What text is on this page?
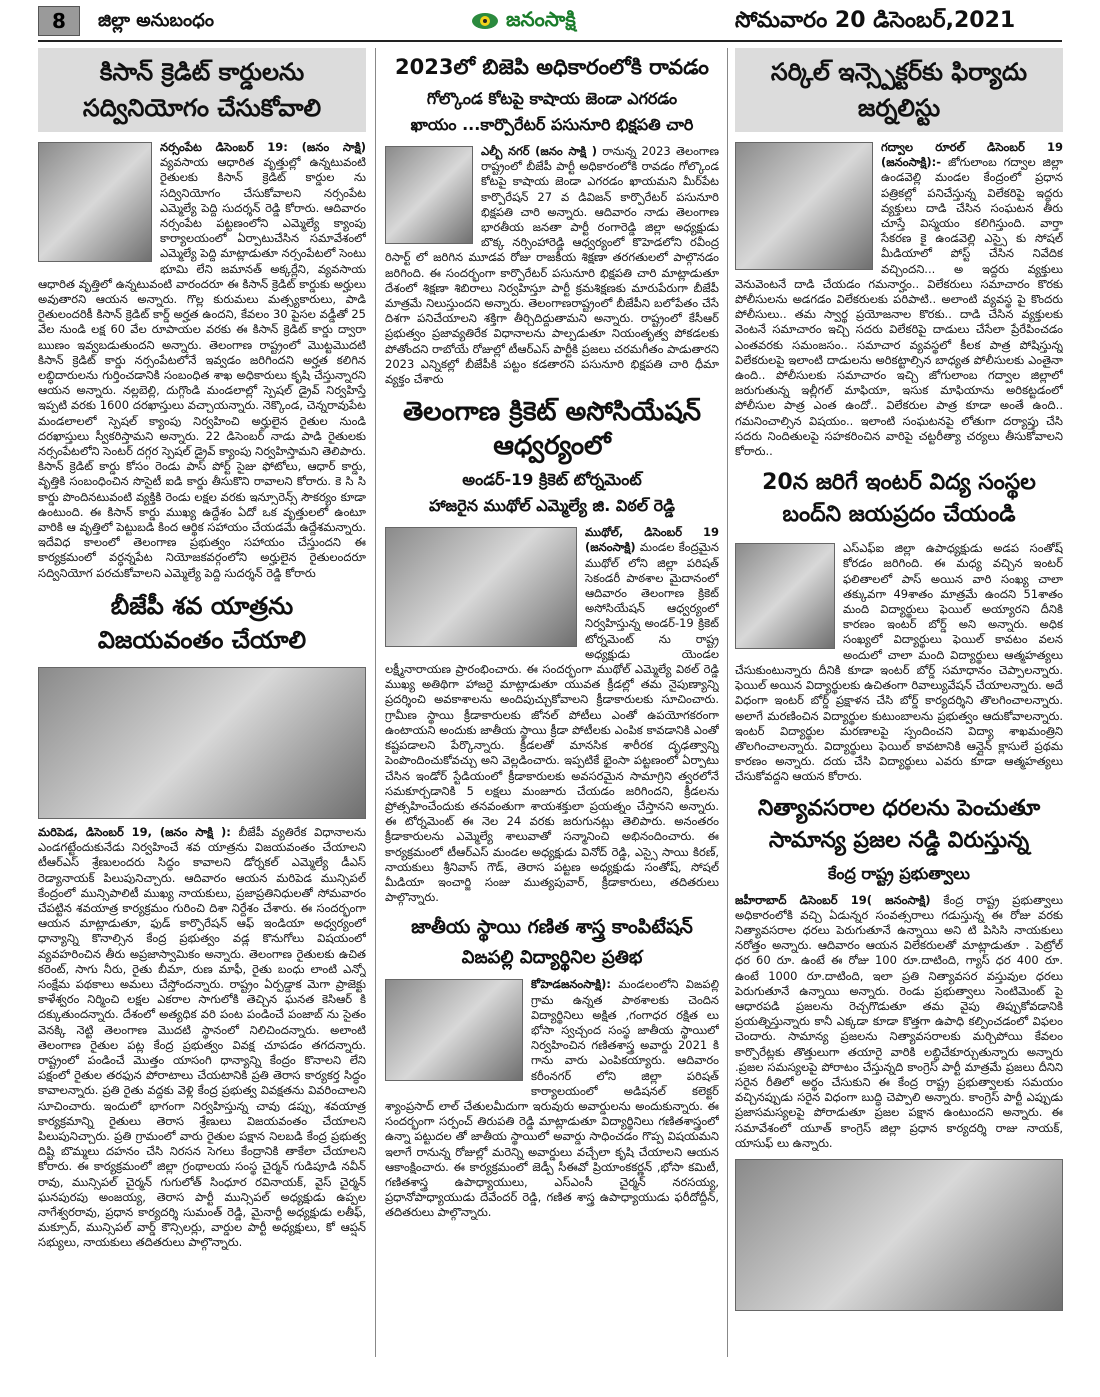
8	జిల్లా అనుబంధం	జనంసాక్షి	సోమవారం 20 డిసెంబర్,2021
కిసాన్ క్రెడిట్ కార్డులను
సద్వినియోగం చేసుకోవాలి
నర్సంపేట డిసెంబర్ 19: (జనం సాక్షి) వ్యవసాయ ఆధారిత వృత్తుల్లో ఉన్నటువంటి రైతులకు కిసాన్ క్రెడిట్ కార్డుల ను సద్వినియోగం చేసుకోవాలని నర్సంపేట ఎమ్మెల్యే పెద్ది సుదర్శన్ రెడ్డి కోరారు. ఆదివారం నర్సంపేట పట్టణంలోని ఎమ్మెల్యే క్యాంపు కార్యాలయంలో ఏర్పాటుచేసిన సమావేశంలో ఎమ్మెల్యే పెద్ది మాట్లాడుతూ నర్సంపేటలో సెంటు భూమి లేని జమానత్ అక్కర్లేని, వ్యవసాయ ఆధారిత వృత్తిలో ఉన్నటువంటి వారందరూ ఈ కిసాన్ క్రెడిట్ కార్డుకు అర్హులు అవుతారని ఆయన అన్నారు. గొల్ల కురుమలు మత్స్యకారులు, పాడి రైతులందరికీ కిసాన్ క్రెడిట్ కార్డ్ అర్హత ఉందని, కేవలం 30 పైసల వడ్డీతో 25 వేల నుండి లక్ష 60 వేల రూపాయల వరకు ఈ కిసాన్ క్రెడిట్ కార్డు ద్వారా ఋణం ఇవ్వబడుతుందని అన్నారు. తెలంగాణ రాష్ట్రంలో మొట్టమొదటి కిసాన్ క్రెడిట్ కార్డు నర్సంపేటలోనే ఇవ్వడం జరిగిందని అర్హత కలిగిన లబ్ధిదారులను గుర్తించడానికి సంబంధిత శాఖ అధికారులు కృషి చేస్తున్నారని ఆయన అన్నారు. నల్లబెల్లి, దుగ్గొండి మండలాల్లో స్పెషల్ డ్రైవ్ నిర్వహిస్తే ఇప్పటి వరకు 1600 దరఖాస్తులు వచ్చాయన్నారు. నెక్కొండ, చెన్నరావుపేట మండలాలలో స్పెషల్ క్యాంపు నిర్వహించి అర్హులైన రైతుల నుండి దరఖాస్తులు స్వీకరిస్తామని అన్నారు. 22 డిసెంబర్ నాడు పాడి రైతులకు నర్సంపేటలోని సెంటర్ దగ్గర స్పెషల్ డ్రైవ్ క్యాంపు నిర్వహిస్తామని తెలిపారు. కిసాన్ క్రెడిట్ కార్డు కోసం రెండు పాస్ పోర్ట్ సైజు ఫోటోలు, ఆధార్ కార్డు, వృత్తికి సంబంధించిన సొసైటీ ఐడి కార్డు తీసుకొని రావాలని కోరారు. కె సి సి కార్డు పొందినటువంటి వ్యక్తికి రెండు లక్షల వరకు ఇన్సూరెన్స్ సౌకర్యం కూడా ఉంటుంది. ఈ కిసాన్ కార్డు ముఖ్య ఉద్దేశం ఏదో ఒక వృత్తులలో ఉంటూ వారికి ఆ వృత్తిలో పెట్టుబడి కింద ఆర్థిక సహాయం చేయడమే ఉద్దేశమన్నారు. ఇదేవిధ కాలంలో తెలంగాణ ప్రభుత్వం సహాయం చేస్తుందని ఈ కార్యక్రమంలో వర్ధన్నపేట నియోజకవర్గంలోని అర్హులైన రైతులందరూ సద్వినియోగ పరచుకోవాలని ఎమ్మెల్యే పెద్ది సుదర్శన్ రెడ్డి కోరారు
బీజేపీ శవ యాత్రను
విజయవంతం చేయాలి
మరిపెడ, డిసెంబర్ 19, (జనం సాక్షి ): బీజేపీ వ్యతిరేక విధానాలను ఎండగట్టేందుకునేడు నిర్వహించే శవ యాత్రను విజయవంతం చేయాలని టీఆర్ఎస్ శ్రేణులందరు సిద్ధం కావాలని డోర్నకల్ ఎమ్మెల్యే డీఎస్ రెడ్యానాయక్ పిలుపునిచ్చారు. ఆదివారం ఆయన మరిపెడ మున్సిపల్ కేంద్రంలో మున్సిపాలిటీ ముఖ్య నాయకులు, ప్రజాప్రతినిధులతో సోమవారం చేపట్టిన శవయాత్ర కార్యక్రమం గురించి దిశా నిర్దేశం చేశారు. ఈ సందర్భంగా ఆయన మాట్లాడుతూ, ఫుడ్ కార్పొరేషన్ ఆఫ్ ఇండియా అధ్వర్యంలో ధాన్యాన్ని కొనాల్సిన కేంద్ర ప్రభుత్వం వడ్ల కొనుగోలు విషయంలో వ్యవహరించిన తీరు అప్రజాస్వామికం అన్నారు. తెలంగాణ రైతులకు ఉచిత కరెంట్, సాగు నీరు, రైతు బీమా, రుణ మాఫీ, రైతు బంధు లాంటి ఎన్నో సంక్షేమ పథకాలు అమలు చేస్తోందన్నారు. రాష్ట్రం ఏర్పడ్డాక మెగా ప్రాజెక్టు కాళేశ్వరం నిర్మించి లక్షల ఎకరాల సాగులోకి తెచ్చిన ఘనత కెసిఆర్ కి దక్కుతుందన్నారు. దేశంలో అత్యధిక వరి పంట పండించే పంజాబ్ ను సైతం వెనక్కి నెట్టి తెలంగాణ మొదటి స్థానంలో నిలిచిందన్నారు. అలాంటి తెలంగాణ రైతుల పట్ల కేంద్ర ప్రభుత్వం వివక్ష చూపడం తగదన్నారు. రాష్ట్రంలో పండించే మొత్తం యాసంగి ధాన్యాన్ని కేంద్రం కొనాలని లేని పక్షంలో రైతుల తరఫున పోరాటాలు చేయటానికి ప్రతి తెరాస కార్యకర్త సిద్ధం కావాలన్నారు. ప్రతి రైతు వద్దకు వెళ్లి కేంద్ర ప్రభుత్వ వివక్షతను వివరించాలని సూచించారు. ఇందులో భాగంగా నిర్వహిస్తున్న చావు డప్పు, శవయాత్ర కార్యక్రమాన్ని రైతులు తెరాస శ్రేణులు విజయవంతం చేయాలని పిలుపునిచ్చారు. ప్రతి గ్రామంలో వారు రైతుల పక్షాన నిలబడి కేంద్ర ప్రభుత్వ దిష్టి బొమ్మలు దహనం చేసి నిరసన సెగలు కేంద్రానికి తాకేలా చేయాలని కోరారు. ఈ కార్యక్రమంలో జిల్లా గ్రంథాలయ సంస్థ చైర్మన్ గుడిపూడి నవీన్ రావు, మున్సిపల్ చైర్మన్ గుగులోత్ సింధూర రవినాయక్, వైస్ చైర్మన్ ఘనపురపు అంజయ్య, తెరాస పార్టీ మున్సిపల్ అధ్యక్షుడు ఉప్పల నాగేశ్వరరావు, ప్రధాన కార్యదర్శి సుమంత్ రెడ్డి, మైనార్టీ అధ్యక్షుడు లతీఫ్, మక్సూద్, మున్సిపల్ వార్డ్ కౌన్సిలర్లు, వార్డుల పార్టీ అధ్యక్షులు, కో ఆప్షన్ సభ్యులు, నాయకులు తదితరులు పాల్గొన్నారు.
2023లో బిజెపి అధికారంలోకి రావడం
గోల్కొండ కోటపై కాషాయ జెండా ఎగరడం
ఖాయం ...కార్పొరేటర్ పసునూరి భిక్షపతి చారి
ఎల్బీ నగర్ (జనం సాక్షి ) రానున్న 2023 తెలంగాణ రాష్ట్రంలో బీజేపీ పార్టీ అధికారంలోకి రావడం గోల్కొండ కోటపై కాషాయ జెండా ఎగరడం ఖాయమని మీర్‌పేట కార్పొరేషన్ 27 వ డివిజన్ కార్పొరేటర్ పసునూరి భిక్షపతి చారి అన్నారు. ఆదివారం నాడు తెలంగాణ భారతీయ జనతా పార్టీ రంగారెడ్డి జిల్లా అధ్యక్షుడు బొక్క నర్సింహారెడ్డి ఆధ్వర్యంలో కొహెడలోని రవీంద్ర రిసార్ట్ లో జరిగిన మూడవ రోజు రాజకీయ శిక్షణా తరగతులలో పాల్గొనడం జరిగింది. ఈ సందర్భంగా కార్పొరేటర్ పసునూరి భిక్షపతి చారి మాట్లాడుతూ దేశంలో శిక్షణా శిబిరాలు నిర్వహిస్తూ పార్టీ క్రమశిక్షణకు మారుపేరుగా బీజేపీ మాత్రమే నిలుస్తుందని అన్నారు. తెలంగాణరాష్ట్రంలో బీజేపీని బలోపేతం చేసే దిశగా పనిచేయాలని శక్తిగా తీర్చిదిద్దుతామని అన్నారు. రాష్ట్రంలో కేసీఆర్ ప్రభుత్వం ప్రజావ్యతిరేక విధానాలను పాల్పడుతూ నియంతృత్వ పోకడలకు పోతోందని రాబోయే రోజుల్లో టీఆర్ఎస్ పార్టీకి ప్రజలు చరమగీతం పాడుతారని 2023 ఎన్నికల్లో బీజేపీకి పట్టం కడతారని పసునూరి భిక్షపతి చారి ధీమా వ్యక్తం చేశారు
తెలంగాణ క్రికెట్ అసోసియేషన్
ఆధ్వర్యంలో
అండర్-19 క్రికెట్ టోర్నమెంట్
హాజరైన ముథోల్ ఎమ్మెల్యే జి. విఠల్ రెడ్డి
ముథోల్, డిసెంబర్ 19 (జనంసాక్షి) మండల కేంద్రమైన ముథోల్ లోని జిల్లా పరిషత్ సెకండరీ పాఠశాల మైదానంలో ఆదివారం తెలంగాణ క్రికెట్ అసోసియేషన్ ఆధ్వర్యంలో నిర్వహిస్తున్న అండర్-19 క్రికెట్ టోర్నమెంట్ ను రాష్ట్ర అధ్యక్షుడు యెండల లక్ష్మీనారాయణ ప్రారంభించారు. ఈ సందర్భంగా ముథోల్ ఎమ్మెల్యే విఠల్ రెడ్డి ముఖ్య అతిథిగా హాజరై మాట్లాడుతూ యువత క్రీడల్లో తమ నైపుణ్యాన్ని ప్రదర్శించి అవకాశాలను అందిపుచ్చుకోవాలని క్రీడాకారులకు సూచించారు. గ్రామీణ స్థాయి క్రీడాకారులకు జోనల్ పోటీలు ఎంతో ఉపయోగకరంగా ఉంటాయని అందుకు జాతీయ స్థాయి క్రీడా పోటీలకు ఎంపిక కావడానికి ఎంతో కష్టపడాలని పేర్కొన్నారు. క్రీడలతో మానసిక శారీరక దృఢత్వాన్ని పెంపొందించుకోవచ్చు అని వెల్లడించారు. ఇప్పటికే భైంసా పట్టణంలో ఏర్పాటు చేసిన ఇండోర్ స్టేడియంలో క్రీడాకారులకు అవసరమైన సామాగ్రిని త్వరలోనే సమకూర్చడానికి 5 లక్షలు మంజూరు చేయడం జరిగిందని, క్రీడలను ప్రోత్సహించేందుకు తనవంతుగా శాయశక్తులా ప్రయత్నం చేస్తానని అన్నారు. ఈ టోర్నమెంట్ ఈ నెల 24 వరకు జరుగునట్లు తెలిపారు. అనంతరం క్రీడాకారులను ఎమ్మెల్యే శాలువాతో సన్మానించి అభినందించారు. ఈ కార్యక్రమంలో టీఆర్ఎస్ మండల అధ్యక్షుడు వినోద్ రెడ్డి, ఎస్సై సాయి కిరణ్, నాయకులు శ్రీనివాస్ గౌడ్, తెరాస పట్టణ అధ్యక్షుడు సంతోష్, సోషల్ మీడియా ఇంచార్జి సంజు ముత్యపువార్, క్రీడాకారులు, తదితరులు పాల్గొన్నారు.
జాతీయ స్థాయి గణిత శాస్త్ర కాంపిటేషన్
విఙపల్లి విద్యార్థినిల ప్రతిభ
కోహెడజనంసాక్షి): మండలంలోని విఙపల్లి గ్రామ ఉన్నత పాఠశాలకు చెందిన విద్యార్థినిలు అక్షిత ,గంగాధర రక్షిత లు భోసా స్వచ్చంద సంస్థ జాతీయ స్థాయిలో నిర్వహించిన గణితశాస్త్ర అవార్డు 2021 కి గాను వారు ఎంపికయ్యారు. ఆదివారం కరీంనగర్ లోని జిల్లా పరిషత్ కార్యాలయంలో అడిషనల్ కలెక్టర్ శ్యాంప్రసాద్ లాల్ చేతులమీదుగా ఇరువురు అవార్డులను అందుకున్నారు. ఈ సందర్భంగా సర్పంచ్ తిరుపతి రెడ్డి మాట్లాడుతూ విద్యార్థినిలు గణితశాస్త్రంలో ఉన్నా పట్టుదల తో జాతీయ స్థాయిలో అవార్డు సాధించడం గొప్ప విషయమని ఇలాగే రానున్న రోజుల్లో మరెన్ని అవార్డులు వచ్చేలా కృషి చేయాలని ఆయన ఆకాంక్షించారు. ఈ కార్యక్రమంలో జెడ్పీ సీఈవో ప్రియాంకకర్ణన్ ,భోసా కమిటీ, గణితశాస్త్ర ఉపాధ్యాయులు, ఎస్ఎంసీ చైర్మన్ నరసయ్య, ప్రధానోపాధ్యాయుడు దేవేందర్ రెడ్డి, గణిత శాస్త్ర ఉపాధ్యాయుడు ఫరీదోద్దీన్, తదితరులు పాల్గొన్నారు.
సర్కిల్ ఇన్స్పెక్టర్‌కు ఫిర్యాదు
జర్నలిస్టు
గద్వాల రూరల్ డిసెంబర్ 19 (జనంసాక్షి):- జోగులాంబ గద్వాల జిల్లా ఉండవెల్లి మండల కేంద్రంలో ప్రధాన పత్రికల్లో పనిచేస్తున్న విలేకరిపై ఇద్దరు వ్యక్తులు దాడి చేసిన సంఘటన తీరు చూస్తే విస్మయం కలిగిస్తుంది. వార్తా సేకరణ కై ఉండవెల్లి ఎస్సై కు సోషల్ మీడియాలో పోస్ట్ చేసిన నివేదిక వచ్చిందని... అ ఇద్దరు వ్యక్తులు వెనువెంటనే దాడి చేయడం గమనార్హం.. విలేకరులు సమాచారం కొరకు పోలీసులను అడగడం విలేకరులకు పరిపాటి.. అలాంటి వ్యవస్థ పై కొందరు పోలీసులు.. తమ స్వార్థ ప్రయోజనాల కొరకు.. దాడి చేసిన వ్యక్తులకు వెంటనే సమాచారం ఇచ్చి సదరు విలేకరిపై దాడులు చేసేలా ప్రేరేపించడం ఎంతవరకు సమంజసం.. సమాచార వ్యవస్థలో కీలక పాత్ర పోషిస్తున్న విలేకరులపై ఇలాంటి దాడులను అరికట్టాల్సిన బాధ్యత పోలీసులకు ఎంతైనా ఉంది.. పోలీసులకు సమాచారం ఇచ్చి జోగులాంబ గద్వాల జిల్లాలో జరుగుతున్న ఇల్లీగల్ మాఫియా, ఇసుక మాఫియాను అరికట్టడంలో పోలీసుల పాత్ర ఎంత ఉందో.. విలేకరుల పాత్ర కూడా అంతే ఉంది.. గమనించాల్సిన విషయం.. ఇలాంటి సంఘటనపై లోతుగా దర్యాప్తు చేసి సదరు నిందితులపై సహకరించిన వారిపై చట్టరీత్యా చర్యలు తీసుకోవాలని కోరారు..
20న జరిగే ఇంటర్ విద్య సంస్థల
బంద్‌ని జయప్రదం చేయండి
ఎస్ఎఫ్ఐ జిల్లా ఉపాధ్యక్షుడు అడప సంతోష్ కోరడం జరిగింది. ఈ మధ్య వచ్చిన ఇంటర్ ఫలితాలలో పాస్ అయిన వారి సంఖ్య చాలా తక్కువగా 49శాతం మాత్రమే ఉందని 51శాతం మంది విద్యార్థులు ఫెయిల్ అయ్యారని దీనికి కారణం ఇంటర్ బోర్డ్ అని అన్నారు. అధిక సంఖ్యలో విద్యార్థులు ఫెయిల్ కావటం వలన అందులో చాలా మంది విద్యార్థులు ఆత్మహత్యలు చేసుకుంటున్నారు దీనికి కూడా ఇంటర్ బోర్డ్ సమాధానం చెప్పాలన్నారు. ఫెయిల్ అయిన విద్యార్థులకు ఉచితంగా రివాల్యువేషన్ చేయాలన్నారు. అదే విధంగా ఇంటర్ బోర్డ్ ప్రక్షాళన చేసి బోర్డ్ కార్యదర్శిని తొలగించాలన్నారు. అలాగే మరణించిన విద్యార్థుల కుటుంబాలను ప్రభుత్వం ఆదుకోవాలన్నారు. ఇంటర్ విద్యార్థుల మరణాలపై స్పందించని విద్యా శాఖమంత్రిని తొలగించాలన్నారు. విద్యార్థులు ఫెయిల్ కావటానికి ఆన్లైన్ క్లాసులే ప్రథమ కారణం అన్నారు. దయ చేసి విద్యార్థులు ఎవరు కూడా ఆత్మహత్యలు చేసుకోవద్దని ఆయన కోరారు.
నిత్యావసరాల ధరలను పెంచుతూ
సామాన్య ప్రజల నడ్డి విరుస్తున్న
కేంద్ర రాష్ట్ర ప్రభుత్వాలు
జహీరాబాద్ డిసెంబర్ 19( జనంసాక్షి) కేంద్ర రాష్ట్ర ప్రభుత్వాలు అధికారంలోకి వచ్చి ఏడున్నర సంవత్సరాలు గడుస్తున్న ఈ రోజు వరకు నిత్యావసరాల ధరలు పెరుగుతూనే ఉన్నాయి అని టి పిసిసి నాయకులు నరోత్తం అన్నారు. ఆదివారం ఆయన విలేకరులతో మాట్లాడుతూ . పెట్రోల్ ధర 60 రూ. ఉంటే ఈ రోజు 100 రూ.దాటింది, గ్యాస్ ధర 400 రూ. ఉంటే 1000 రూ.దాటింది, ఇలా ప్రతి నిత్యావసర వస్తువుల ధరలు పెరుగుతూనే ఉన్నాయి అన్నారు. రెండు ప్రభుత్వాలు సెంటిమెంట్ పై ఆధారపడి ప్రజలను రెచ్చగొడుతూ తమ వైపు తిప్పుకోవడానికి ప్రయత్నిస్తున్నారు కానీ ఎక్కడా కూడా కొత్తగా ఉపాధి కల్పించడంలో విఫలం చెందారు. సామాన్య ప్రజలను నిత్యావసరాలకు మర్చిపోయి కేవలం కార్పొరేట్లకు తొత్తులుగా తయారై వారికి లబ్ధిచేకూర్చుతున్నారు అన్నారు .ప్రజల సమస్యలపై పోరాటం చేస్తున్నది కాంగ్రెస్ పార్టీ మాత్రమే ప్రజలు దీనిని సరైన రీతిలో అర్థం చేసుకుని ఈ కేంద్ర రాష్ట్ర ప్రభుత్వాలకు సమయం వచ్చినప్పుడు సరైన విధంగా బుద్ధి చెప్పాలి అన్నారు. కాంగ్రెస్ పార్టీ ఎప్పుడు ప్రజాసమస్యలపై పోరాడుతూ ప్రజల పక్షాన ఉంటుందని అన్నారు. ఈ సమావేశంలో యూత్ కాంగ్రెస్ జిల్లా ప్రధాన కార్యదర్శి రాజు నాయక్, యాసుఫ్ లు ఉన్నారు.
